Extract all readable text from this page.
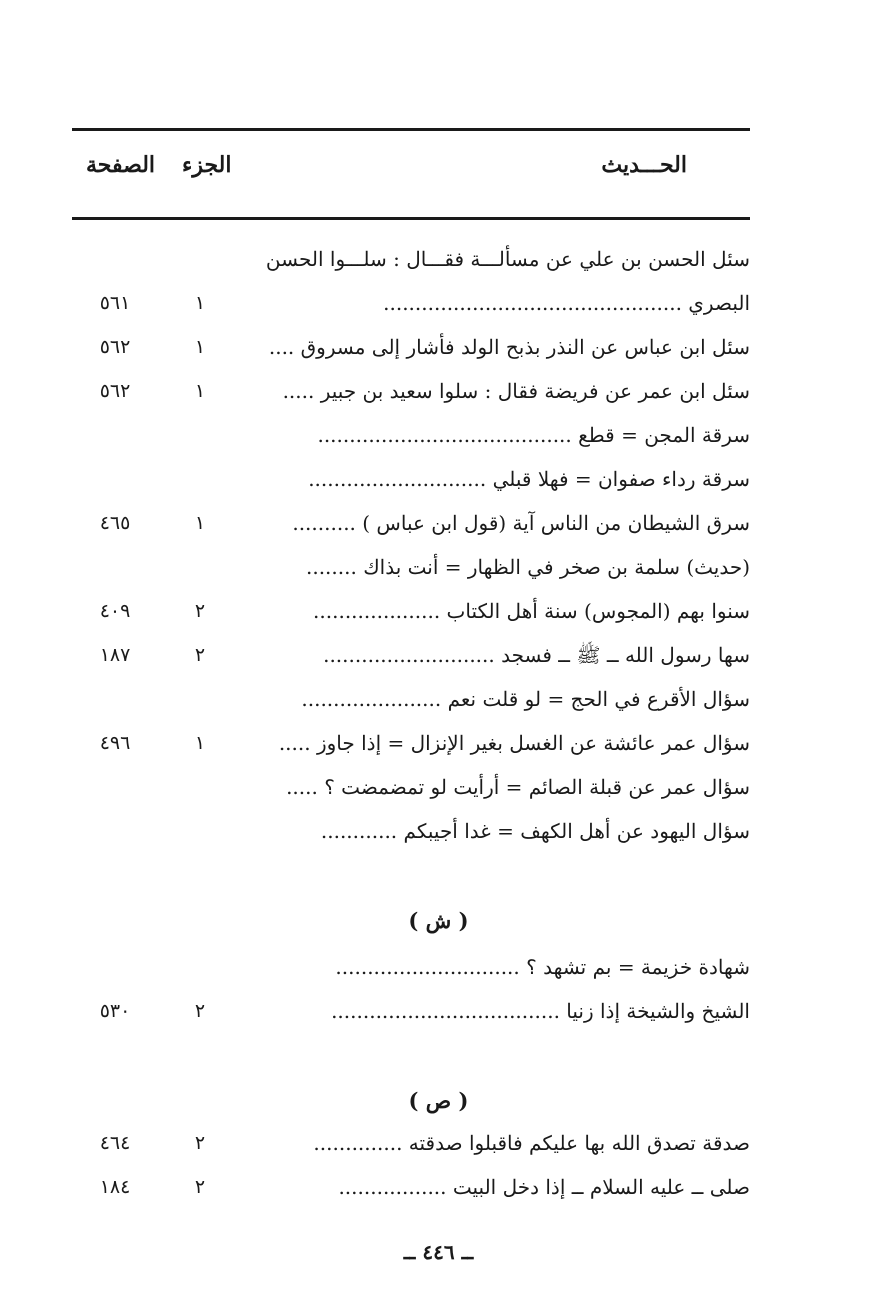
الحـــديث
الجزء
الصفحة
سئل الحسن بن علي عن مسألـــة فقـــال : سلـــوا الحسن
البصري ...............................................
١
٥٦١
سئل ابن عباس عن النذر بذبح الولد فأشار إلى مسروق ....
١
٥٦٢
سئل ابن عمر عن فريضة فقال : سلوا سعيد بن جبير .....
١
٥٦٢
سرقة المجن = قطع ........................................
سرقة رداء صفوان = فهلا قبلي ............................
سرق الشيطان من الناس آية (قول ابن عباس ) ..........
١
٤٦٥
(حديث) سلمة بن صخر في الظهار = أنت بذاك ........
سنوا بهم (المجوس) سنة أهل الكتاب ....................
٢
٤٠٩
سها رسول الله ــ ﷺ ــ فسجد ...........................
٢
١٨٧
سؤال الأقرع في الحج = لو قلت نعم ......................
سؤال عمر عائشة عن الغسل بغير الإنزال = إذا جاوز .....
١
٤٩٦
سؤال عمر عن قبلة الصائم = أرأيت لو تمضمضت ؟ .....
سؤال اليهود عن أهل الكهف = غدا أجيبكم ............
( ش )
شهادة خزيمة = بم تشهد ؟ .............................
الشيخ والشيخة إذا زنيا ....................................
٢
٥٣٠
( ص )
صدقة تصدق الله بها عليكم فاقبلوا صدقته ..............
٢
٤٦٤
صلى ــ عليه السلام ــ إذا دخل البيت .................
٢
١٨٤
ــ ٤٤٦ ــ
